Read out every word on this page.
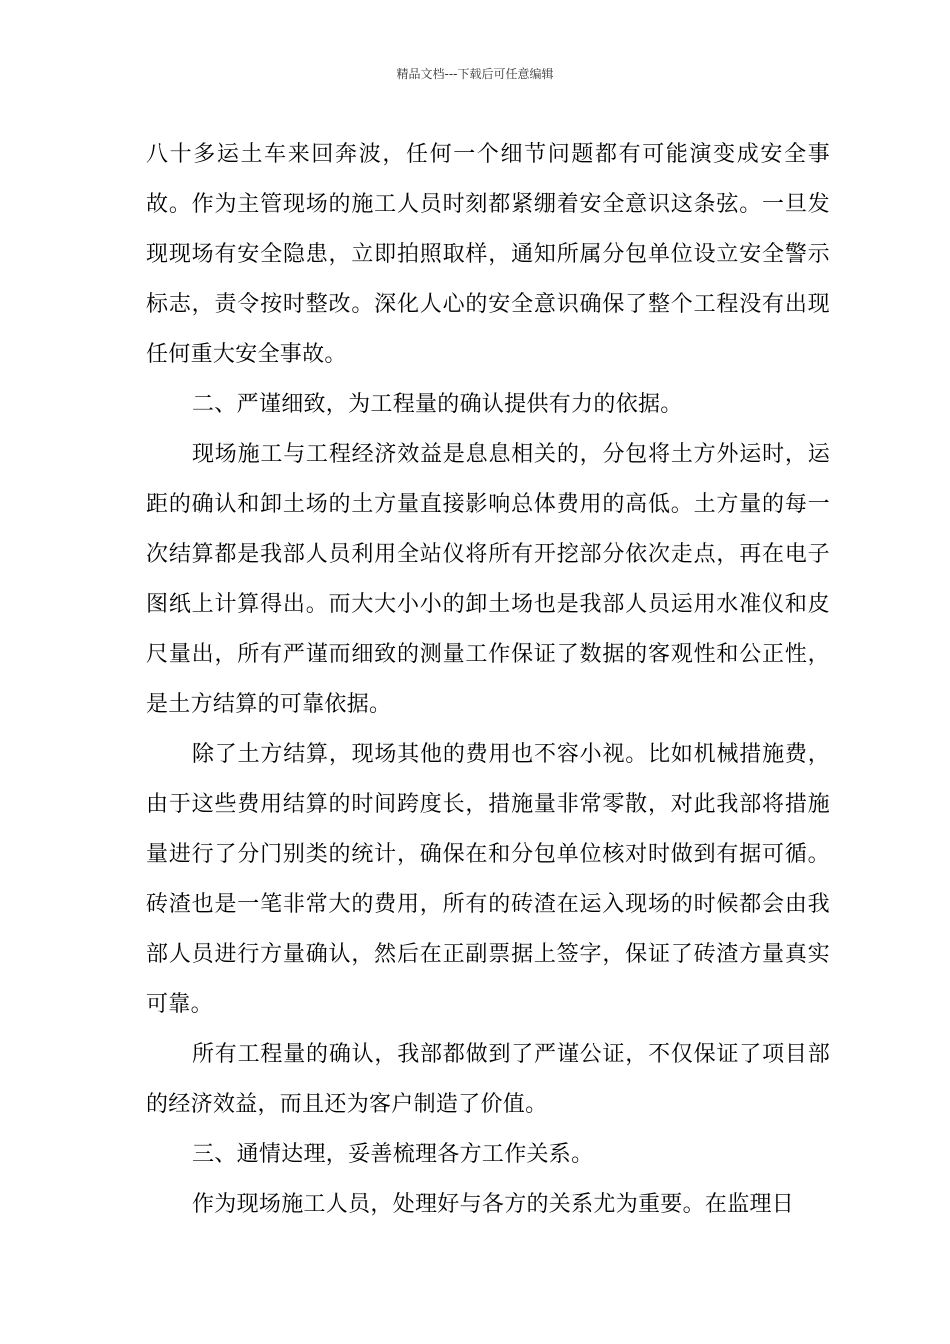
精品文档---下载后可任意编辑

八十多运土车来回奔波，任何一个细节问题都有可能演变成安全事故。作为主管现场的施工人员时刻都紧绷着安全意识这条弦。一旦发现现场有安全隐患，立即拍照取样，通知所属分包单位设立安全警示标志，责令按时整改。深化人心的安全意识确保了整个工程没有出现任何重大安全事故。

二、严谨细致，为工程量的确认提供有力的依据。

现场施工与工程经济效益是息息相关的，分包将土方外运时，运距的确认和卸土场的土方量直接影响总体费用的高低。土方量的每一次结算都是我部人员利用全站仪将所有开挖部分依次走点，再在电子图纸上计算得出。而大大小小的卸土场也是我部人员运用水准仪和皮尺量出，所有严谨而细致的测量工作保证了数据的客观性和公正性，是土方结算的可靠依据。

除了土方结算，现场其他的费用也不容小视。比如机械措施费，由于这些费用结算的时间跨度长，措施量非常零散，对此我部将措施量进行了分门别类的统计，确保在和分包单位核对时做到有据可循。砖渣也是一笔非常大的费用，所有的砖渣在运入现场的时候都会由我部人员进行方量确认，然后在正副票据上签字，保证了砖渣方量真实可靠。

所有工程量的确认，我部都做到了严谨公证，不仅保证了项目部的经济效益，而且还为客户制造了价值。

三、通情达理，妥善梳理各方工作关系。

作为现场施工人员，处理好与各方的关系尤为重要。在监理日
